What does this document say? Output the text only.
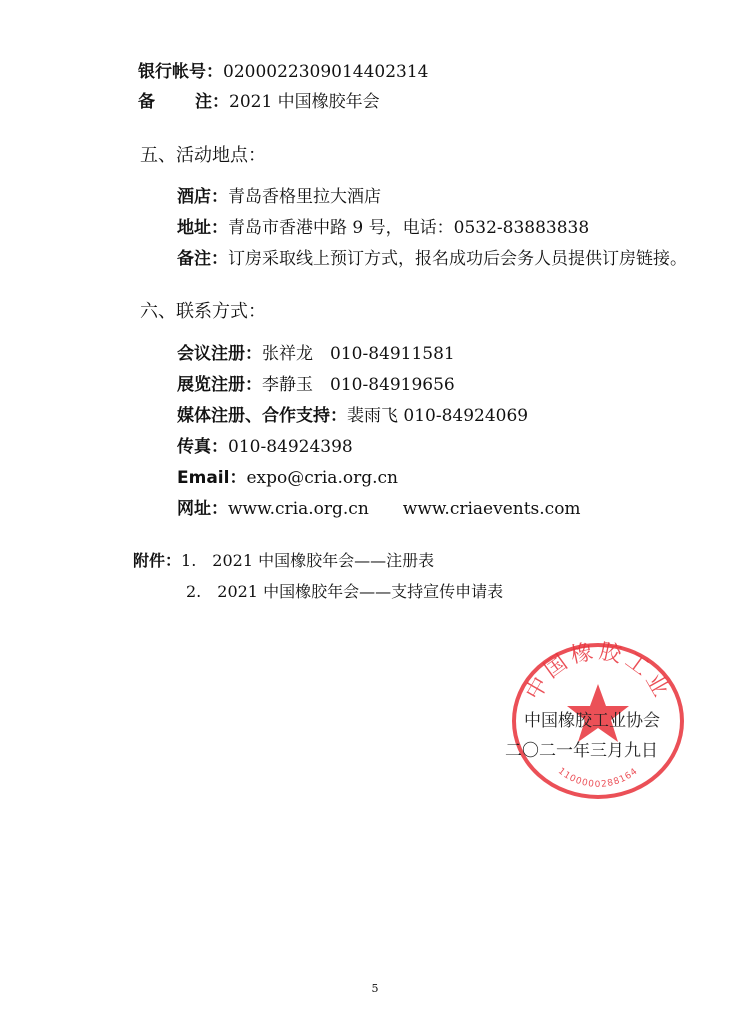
银行帐号：0200022309014402314
备 注：2021 中国橡胶年会
五、活动地点：
酒店：青岛香格里拉大酒店
地址：青岛市香港中路 9 号，电话：0532-83883838
备注：订房采取线上预订方式，报名成功后会务人员提供订房链接。
六、联系方式：
会议注册：张祥龙　010-84911581
展览注册：李静玉　010-84919656
媒体注册、合作支持：裴雨飞 010-84924069
传真：010-84924398
Email：expo@cria.org.cn
网址：www.cria.org.cn　　www.criaevents.com
附件：1.　2021 中国橡胶年会——注册表
2.　2021 中国橡胶年会——支持宣传申请表
中国橡胶工业
1100000288164
中国橡胶工业协会
二〇二一年三月九日
5
